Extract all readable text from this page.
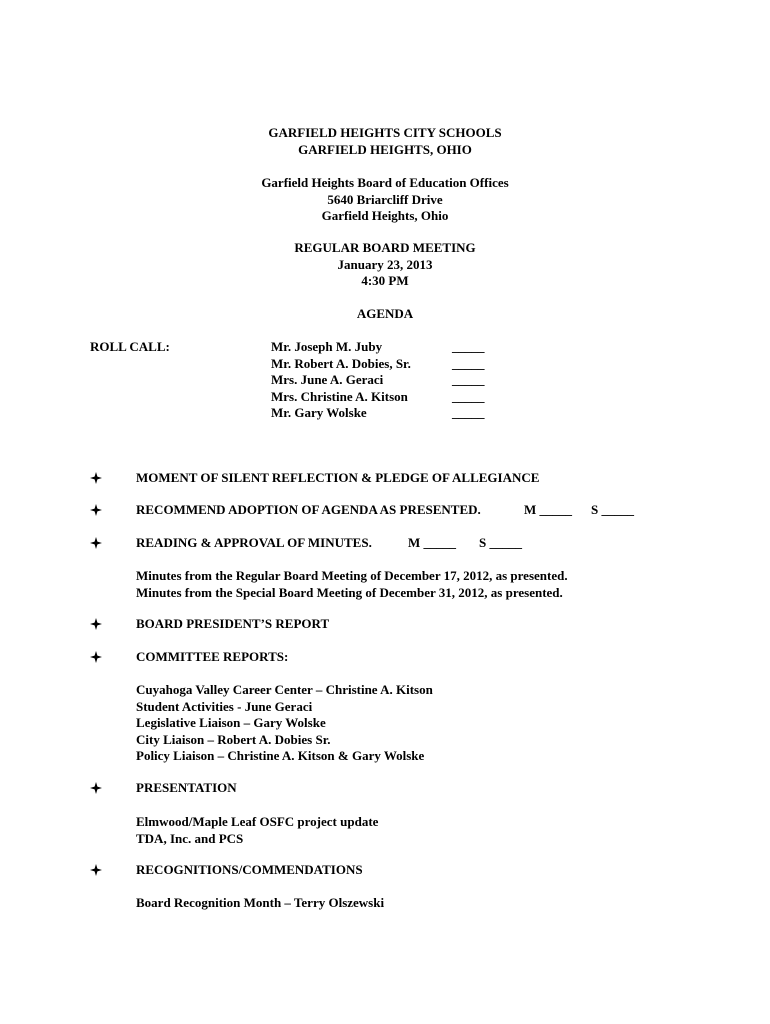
GARFIELD HEIGHTS CITY SCHOOLS
GARFIELD HEIGHTS, OHIO
Garfield Heights Board of Education Offices
5640 Briarcliff Drive
Garfield Heights, Ohio
REGULAR BOARD MEETING
January 23, 2013
4:30 PM
AGENDA
ROLL CALL:	Mr. Joseph M. Juby	_____
Mr. Robert A. Dobies, Sr.	_____
Mrs. June A. Geraci	_____
Mrs. Christine A. Kitson	_____
Mr. Gary Wolske	_____
MOMENT OF SILENT REFLECTION & PLEDGE OF ALLEGIANCE
RECOMMEND ADOPTION OF AGENDA AS PRESENTED.	M _____ S _____
READING & APPROVAL OF MINUTES.	M _____ S _____
Minutes from the Regular Board Meeting of December 17, 2012, as presented.
Minutes from the Special Board Meeting of December 31, 2012, as presented.
BOARD PRESIDENT’S REPORT
COMMITTEE REPORTS:
Cuyahoga Valley Career Center – Christine A. Kitson
Student Activities - June Geraci
Legislative Liaison – Gary Wolske
City Liaison – Robert A. Dobies Sr.
Policy Liaison – Christine A. Kitson & Gary Wolske
PRESENTATION
Elmwood/Maple Leaf OSFC project update
TDA, Inc. and PCS
RECOGNITIONS/COMMENDATIONS
Board Recognition Month – Terry Olszewski
